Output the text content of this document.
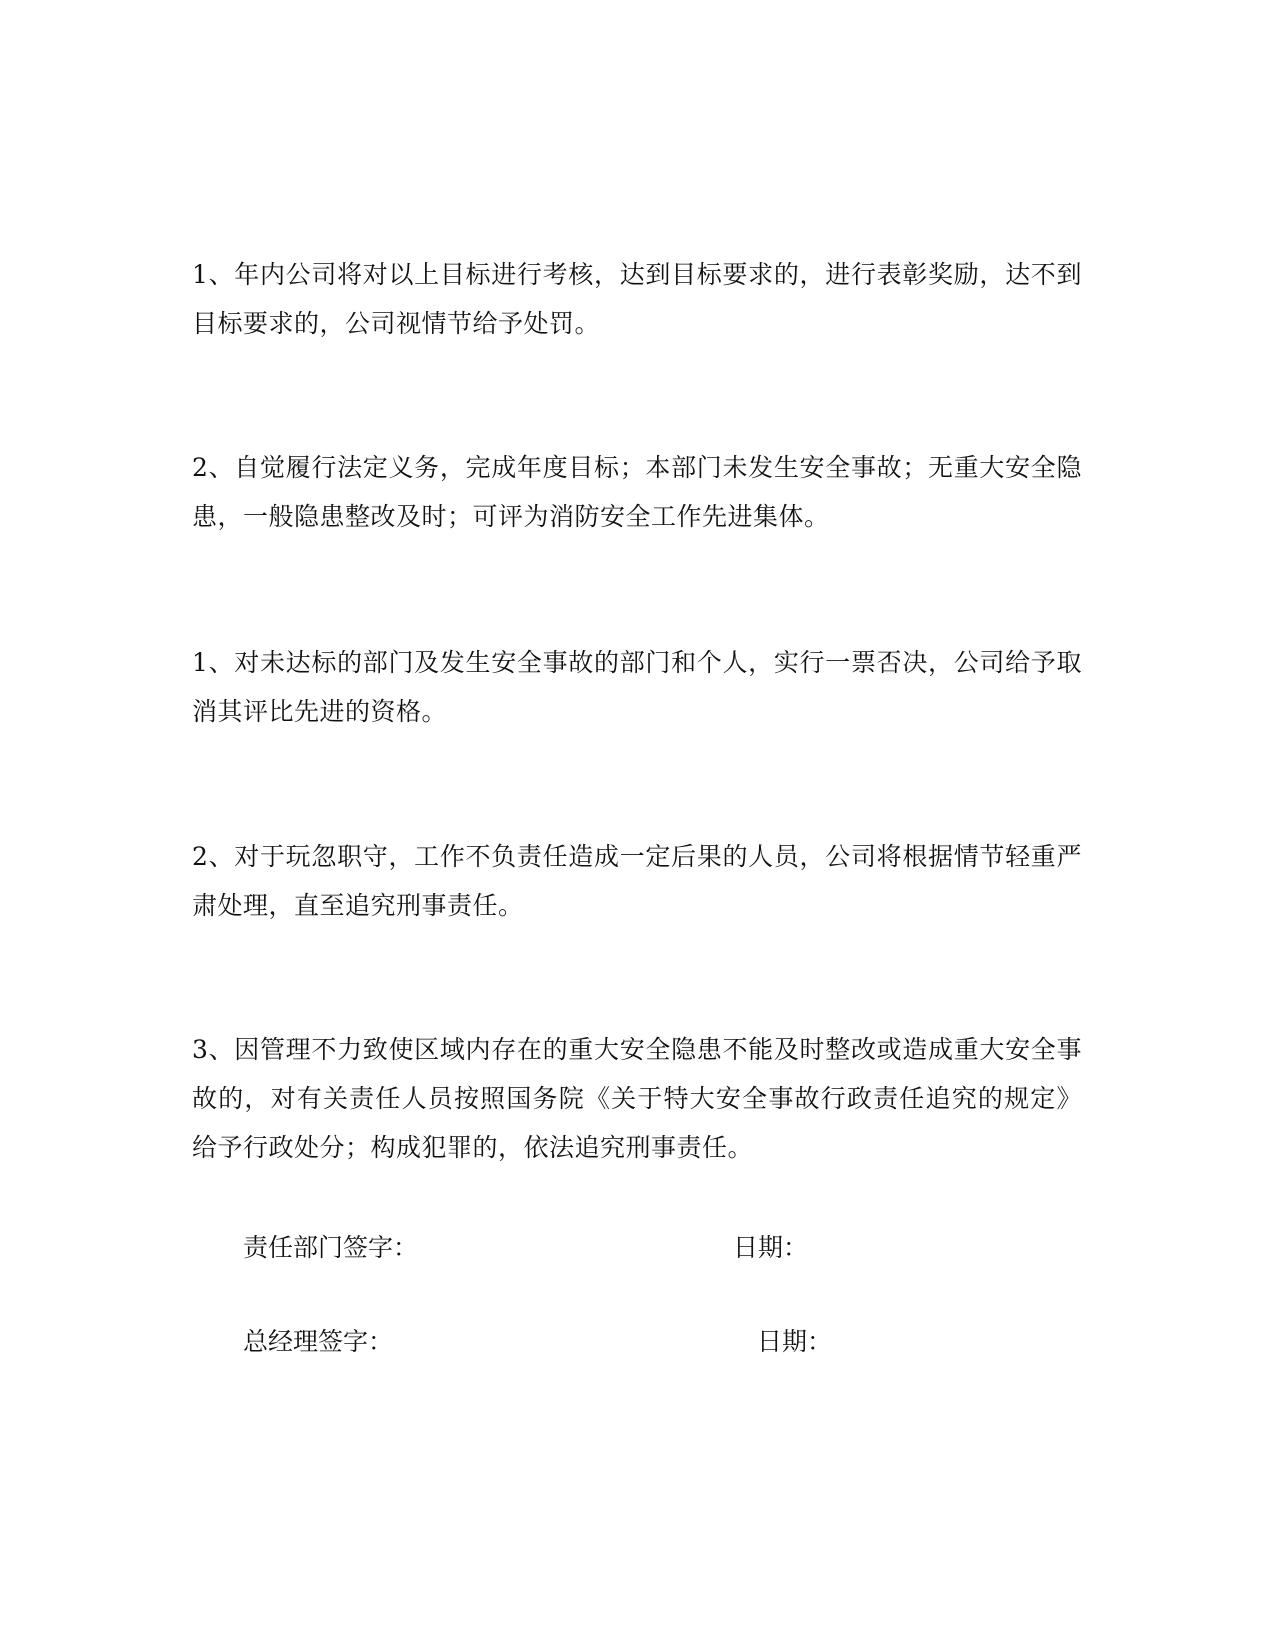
1、年内公司将对以上目标进行考核，达到目标要求的，进行表彰奖励，达不到目标要求的，公司视情节给予处罚。

2、自觉履行法定义务，完成年度目标；本部门未发生安全事故；无重大安全隐患，一般隐患整改及时；可评为消防安全工作先进集体。

1、对未达标的部门及发生安全事故的部门和个人，实行一票否决，公司给予取消其评比先进的资格。

2、对于玩忽职守，工作不负责任造成一定后果的人员，公司将根据情节轻重严肃处理，直至追究刑事责任。

3、因管理不力致使区域内存在的重大安全隐患不能及时整改或造成重大安全事故的，对有关责任人员按照国务院《关于特大安全事故行政责任追究的规定》给予行政处分；构成犯罪的，依法追究刑事责任。

责任部门签字：	日期：

总经理签字：	日期：
